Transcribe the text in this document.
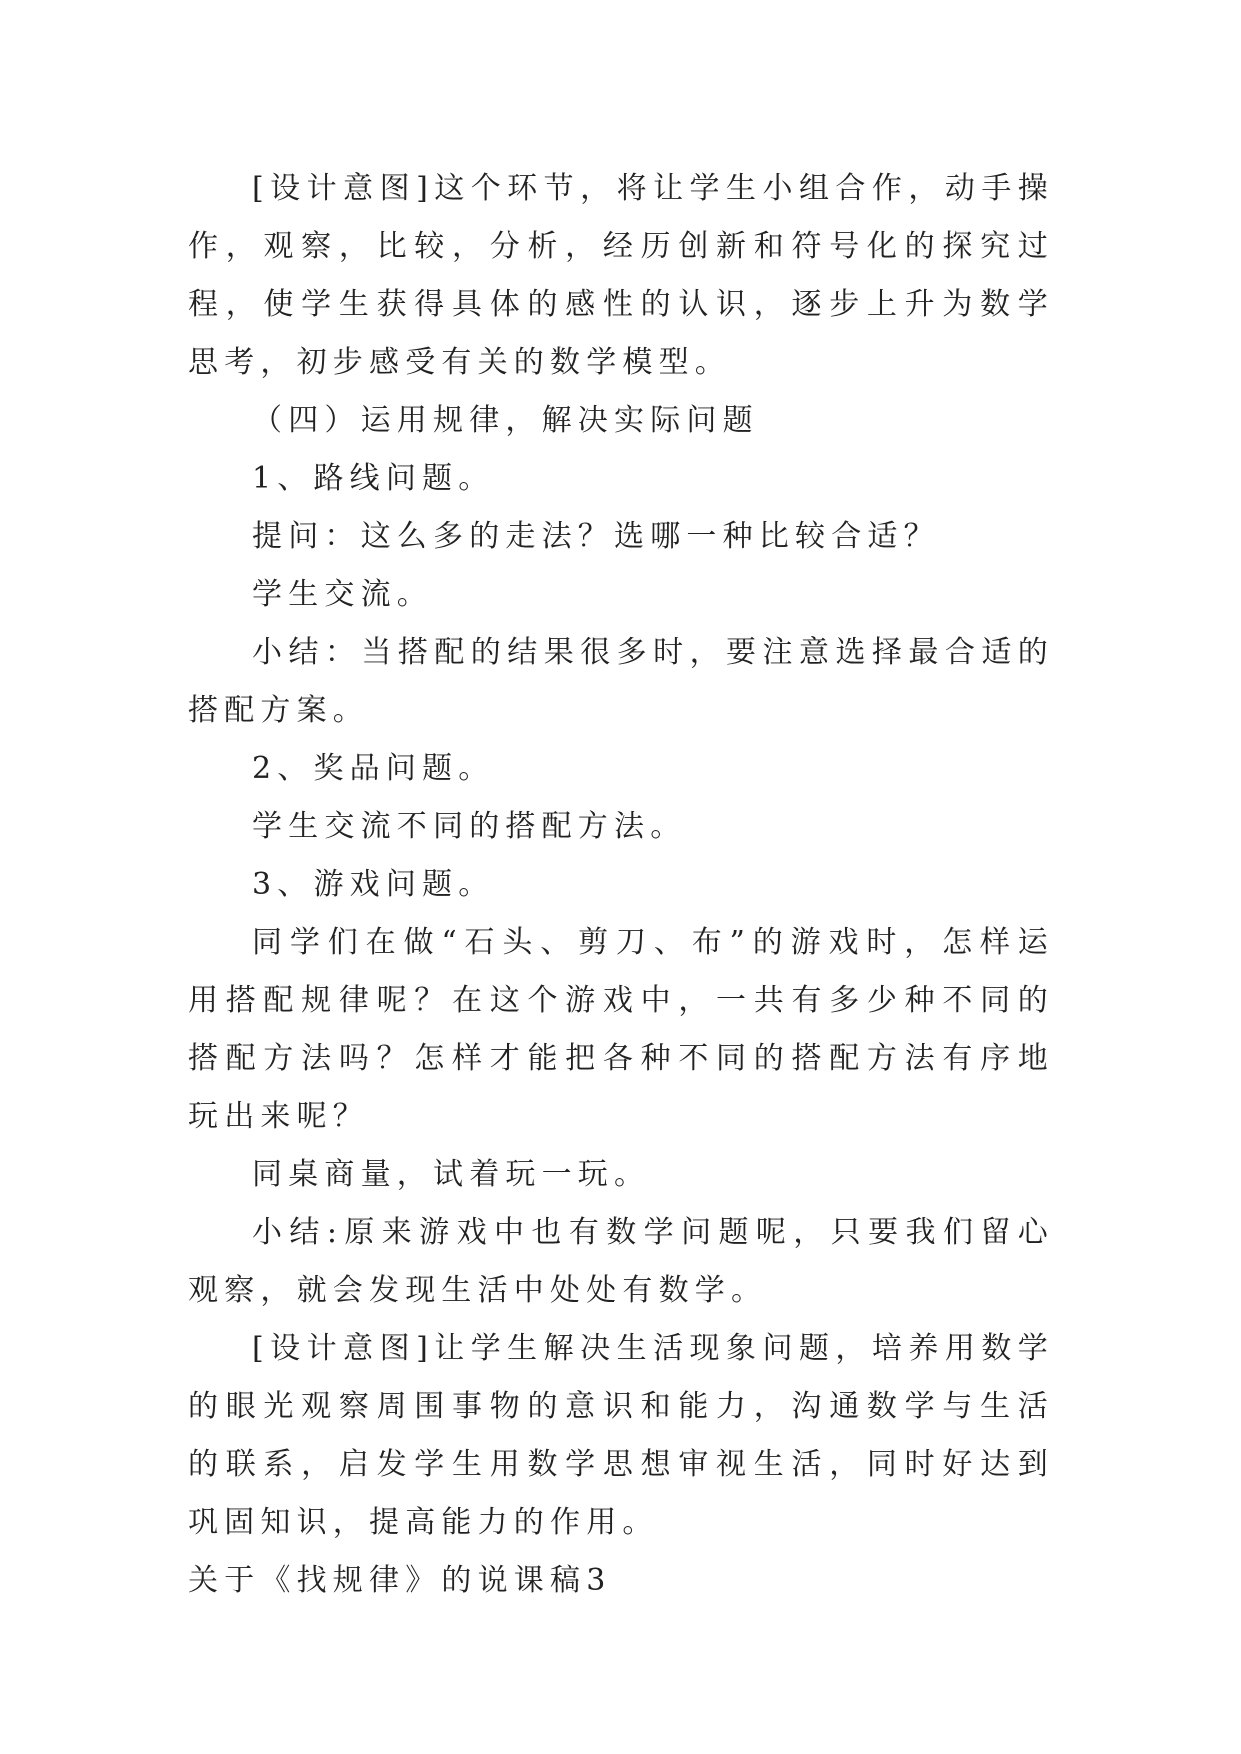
[设计意图]这个环节，将让学生小组合作，动手操作，观察，比较，分析，经历创新和符号化的探究过程，使学生获得具体的感性的认识，逐步上升为数学思考，初步感受有关的数学模型。

（四）运用规律，解决实际问题

1、路线问题。

提问：这么多的走法？选哪一种比较合适？

学生交流。

小结：当搭配的结果很多时，要注意选择最合适的搭配方案。

2、奖品问题。

学生交流不同的搭配方法。

3、游戏问题。

同学们在做“石头、剪刀、布”的游戏时，怎样运用搭配规律呢？在这个游戏中，一共有多少种不同的搭配方法吗？怎样才能把各种不同的搭配方法有序地玩出来呢？

同桌商量，试着玩一玩。

小结:原来游戏中也有数学问题呢，只要我们留心观察，就会发现生活中处处有数学。

[设计意图]让学生解决生活现象问题，培养用数学的眼光观察周围事物的意识和能力，沟通数学与生活的联系，启发学生用数学思想审视生活，同时好达到巩固知识，提高能力的作用。

关于《找规律》的说课稿3
